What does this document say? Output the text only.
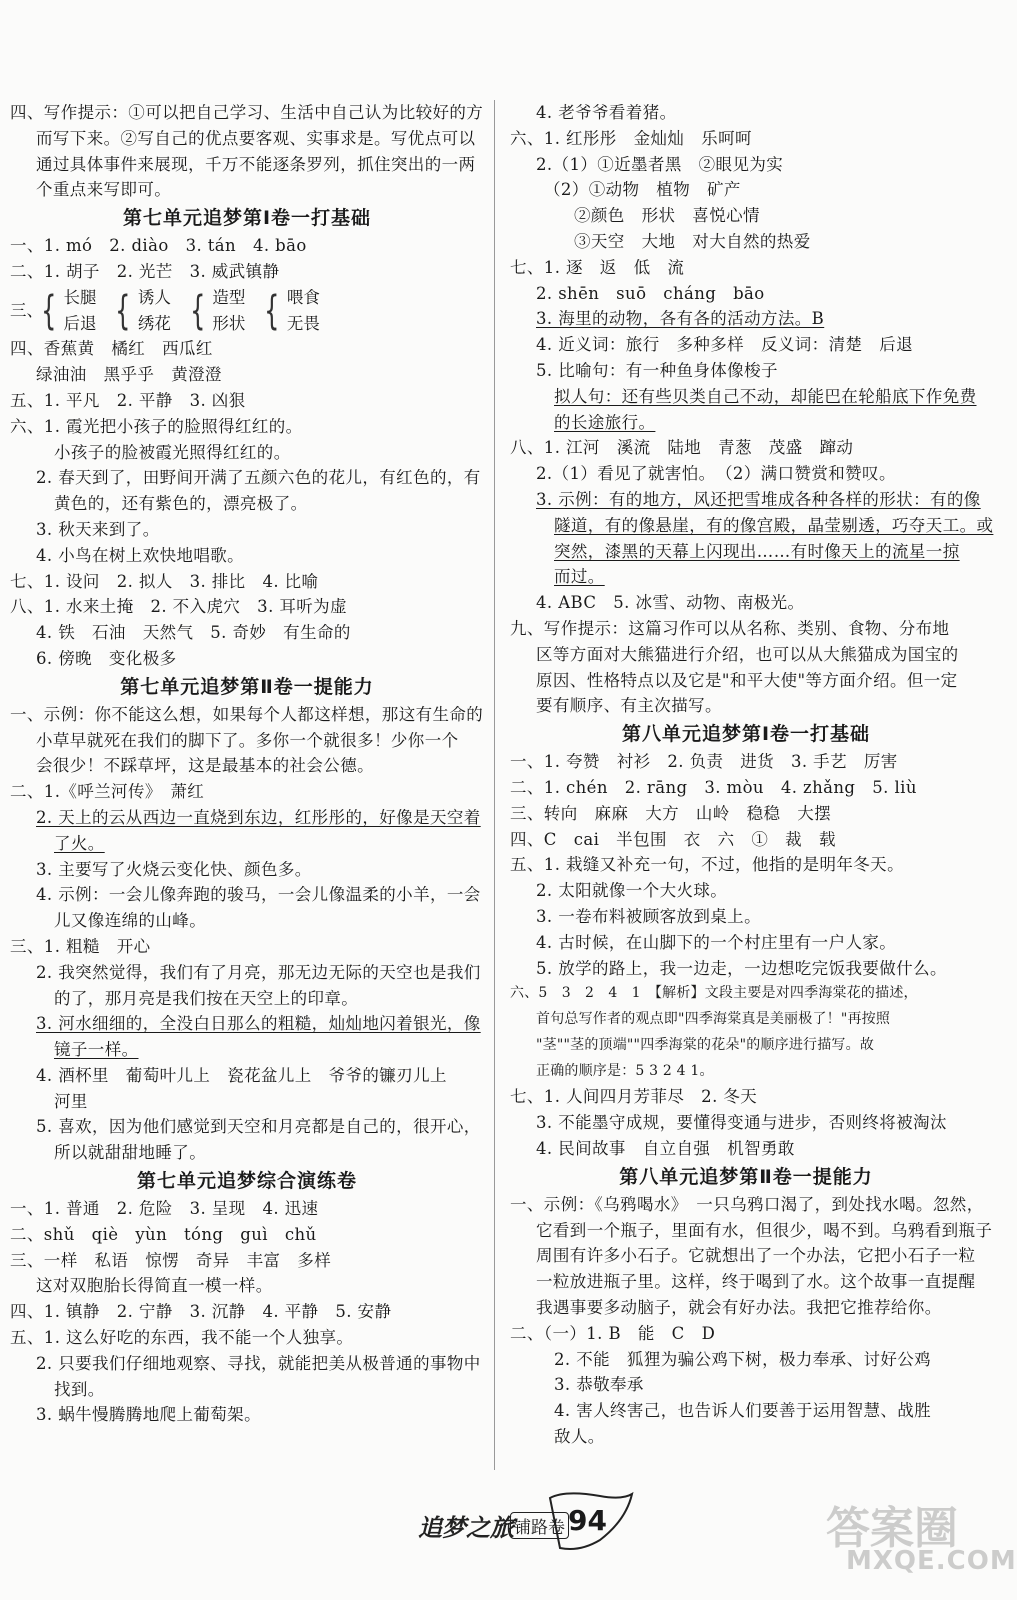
四、写作提示：①可以把自己学习、生活中自己认为比较好的方
而写下来。②写自己的优点要客观、实事求是。写优点可以
通过具体事件来展现，千万不能逐条罗列，抓住突出的一两
个重点来写即可。
第七单元追梦第Ⅰ卷一打基础
一、1. mó　2. diào　3. tán　4. bāo
二、1. 胡子　2. 光芒　3. 威武镇静
三、
{ 长腿
后退 { 诱人
绣花 { 造型
形状 { 喂食
无畏
四、香蕉黄　橘红　西瓜红
绿油油　黑乎乎　黄澄澄
五、1. 平凡　2. 平静　3. 凶狠
六、1. 霞光把小孩子的脸照得红红的。
小孩子的脸被霞光照得红红的。
2. 春天到了，田野间开满了五颜六色的花儿，有红色的，有
黄色的，还有紫色的，漂亮极了。
3. 秋天来到了。
4. 小鸟在树上欢快地唱歌。
七、1. 设问　2. 拟人　3. 排比　4. 比喻
八、1. 水来土掩　2. 不入虎穴　3. 耳听为虚
4. 铁　石油　天然气　5. 奇妙　有生命的
6. 傍晚　变化极多
第七单元追梦第Ⅱ卷一提能力
一、示例：你不能这么想，如果每个人都这样想，那这有生命的
小草早就死在我们的脚下了。多你一个就很多！少你一个
会很少！不踩草坪，这是最基本的社会公德。
二、1.《呼兰河传》　萧红
2. 天上的云从西边一直烧到东边，红彤彤的，好像是天空着
了火。
3. 主要写了火烧云变化快、颜色多。
4. 示例：一会儿像奔跑的骏马，一会儿像温柔的小羊，一会
儿又像连绵的山峰。
三、1. 粗糙　开心
2. 我突然觉得，我们有了月亮，那无边无际的天空也是我们
的了，那月亮是我们按在天空上的印章。
3. 河水细细的，全没白日那么的粗糙，灿灿地闪着银光，像
镜子一样。
4. 酒杯里　葡萄叶儿上　瓷花盆儿上　爷爷的镰刃儿上
河里
5. 喜欢，因为他们感觉到天空和月亮都是自己的，很开心，
所以就甜甜地睡了。
第七单元追梦综合演练卷
一、1. 普通　2. 危险　3. 呈现　4. 迅速
二、shǔ　qiè　yùn　tóng　guì　chǔ
三、一样　私语　惊愣　奇异　丰富　多样
这对双胞胎长得简直一模一样。
四、1. 镇静　2. 宁静　3. 沉静　4. 平静　5. 安静
五、1. 这么好吃的东西，我不能一个人独享。
2. 只要我们仔细地观察、寻找，就能把美从极普通的事物中
找到。
3. 蜗牛慢腾腾地爬上葡萄架。
4. 老爷爷看着猪。
六、1. 红彤彤　金灿灿　乐呵呵
2.（1）①近墨者黑　②眼见为实
（2）①动物　植物　矿产
②颜色　形状　喜悦心情
③天空　大地　对大自然的热爱
七、1. 逐　返　低　流
2. shēn　suō　cháng　bāo
3. 海里的动物，各有各的活动方法。B
4. 近义词：旅行　多种多样　反义词：清楚　后退
5. 比喻句：有一种鱼身体像梭子
拟人句：还有些贝类自己不动，却能巴在轮船底下作免费
的长途旅行。
八、1. 江河　溪流　陆地　青葱　茂盛　蹿动
2.（1）看见了就害怕。　（2）满口赞赏和赞叹。
3. 示例：有的地方，风还把雪堆成各种各样的形状：有的像
隧道，有的像悬崖，有的像宫殿，晶莹剔透，巧夺天工。或
突然，漆黑的天幕上闪现出……有时像天上的流星一掠
而过。
4. ABC　5. 冰雪、动物、南极光。
九、写作提示：这篇习作可以从名称、类别、食物、分布地
区等方面对大熊猫进行介绍，也可以从大熊猫成为国宝的
原因、性格特点以及它是"和平大使"等方面介绍。但一定
要有顺序、有主次描写。
第八单元追梦第Ⅰ卷一打基础
一、1. 夸赞　衬衫　2. 负责　进货　3. 手艺　厉害
二、1. chén　2. rāng　3. mòu　4. zhǎng　5. liù
三、转向　麻麻　大方　山岭　稳稳　大摆
四、C　cai　半包围　衣　六　①　裁　载
五、1. 栽缝又补充一句，不过，他指的是明年冬天。
2. 太阳就像一个大火球。
3. 一卷布料被顾客放到桌上。
4. 古时候，在山脚下的一个村庄里有一户人家。
5. 放学的路上，我一边走，一边想吃完饭我要做什么。
六、5　3　2　4　1　【解析】文段主要是对四季海棠花的描述，
首句总写作者的观点即"四季海棠真是美丽极了！"再按照
"茎""茎的顶端""四季海棠的花朵"的顺序进行描写。故
正确的顺序是：5 3 2 4 1。
七、1. 人间四月芳菲尽　2. 冬天
3. 不能墨守成规，要懂得变通与进步，否则终将被淘汰
4. 民间故事　自立自强　机智勇敢
第八单元追梦第Ⅱ卷一提能力
一、示例：《乌鸦喝水》　一只乌鸦口渴了，到处找水喝。忽然，
它看到一个瓶子，里面有水，但很少，喝不到。乌鸦看到瓶子
周围有许多小石子。它就想出了一个办法，它把小石子一粒
一粒放进瓶子里。这样，终于喝到了水。这个故事一直提醒
我遇事要多动脑子，就会有好办法。我把它推荐给你。
二、（一）1. B　能　C　D
2. 不能　狐狸为骗公鸡下树，极力奉承、讨好公鸡
3. 恭敬奉承
4. 害人终害己，也告诉人们要善于运用智慧、战胜
敌人。
追梦之旅 铺路卷 94	答案圈
MXQE.COM
